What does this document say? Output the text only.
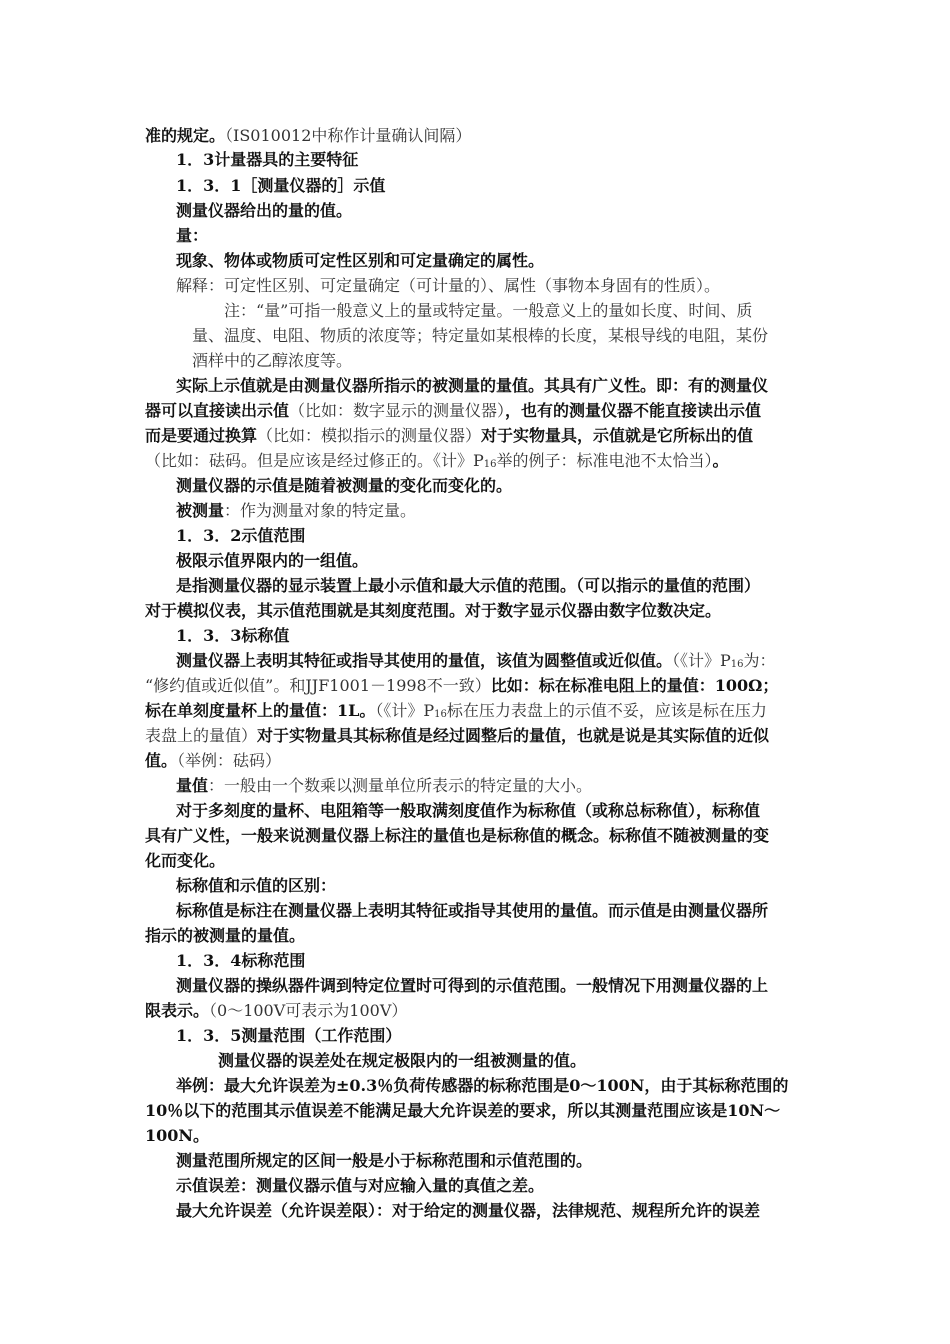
准的规定。（IS010012中称作计量确认间隔）
1．3计量器具的主要特征
1．3．1［测量仪器的］示值
测量仪器给出的量的值。
量：
现象、物体或物质可定性区别和可定量确定的属性。
解释：可定性区别、可定量确定（可计量的）、属性（事物本身固有的性质）。
注：“量”可指一般意义上的量或特定量。一般意义上的量如长度、时间、质
量、温度、电阻、物质的浓度等；特定量如某根棒的长度，某根导线的电阻，某份
酒样中的乙醇浓度等。
实际上示值就是由测量仪器所指示的被测量的量值。其具有广义性。即：有的测量仪
器可以直接读出示值（比如：数字显示的测量仪器），也有的测量仪器不能直接读出示值
而是要通过换算（比如：模拟指示的测量仪器）对于实物量具，示值就是它所标出的值
（比如：砝码。但是应该是经过修正的。《计》$P_{16}$举的例子：标准电池不太恰当）。
测量仪器的示值是随着被测量的变化而变化的。
被测量：作为测量对象的特定量。
1．3．2示值范围
极限示值界限内的一组值。
是指测量仪器的显示装置上最小示值和最大示值的范围。（可以指示的量值的范围）
对于模拟仪表，其示值范围就是其刻度范围。对于数字显示仪器由数字位数决定。
1．3．3标称值
测量仪器上表明其特征或指导其使用的量值，该值为圆整值或近似值。（《计》$P_{16}$为：
“修约值或近似值”。和JJF1001－1998不一致）比如：标在标准电阻上的量值：100Ω；
标在单刻度量杯上的量值：1L。（《计》$P_{16}$标在压力表盘上的示值不妥，应该是标在压力
表盘上的量值）对于实物量具其标称值是经过圆整后的量值，也就是说是其实际值的近似
值。（举例：砝码）
量值：一般由一个数乘以测量单位所表示的特定量的大小。
对于多刻度的量杯、电阻箱等一般取满刻度值作为标称值（或称总标称值），标称值
具有广义性，一般来说测量仪器上标注的量值也是标称值的概念。标称值不随被测量的变
化而变化。
标称值和示值的区别：
标称值是标注在测量仪器上表明其特征或指导其使用的量值。而示值是由测量仪器所
指示的被测量的量值。
1．3．4标称范围
测量仪器的操纵器件调到特定位置时可得到的示值范围。一般情况下用测量仪器的上
限表示。（0～100V可表示为100V）
1．3．5测量范围（工作范围）
测量仪器的误差处在规定极限内的一组被测量的值。
举例：最大允许误差为±0.3％负荷传感器的标称范围是0～100N，由于其标称范围的
10％以下的范围其示值误差不能满足最大允许误差的要求，所以其测量范围应该是10N～
100N。
测量范围所规定的区间一般是小于标称范围和示值范围的。
示值误差：测量仪器示值与对应输入量的真值之差。
最大允许误差（允许误差限）：对于给定的测量仪器，法律规范、规程所允许的误差
